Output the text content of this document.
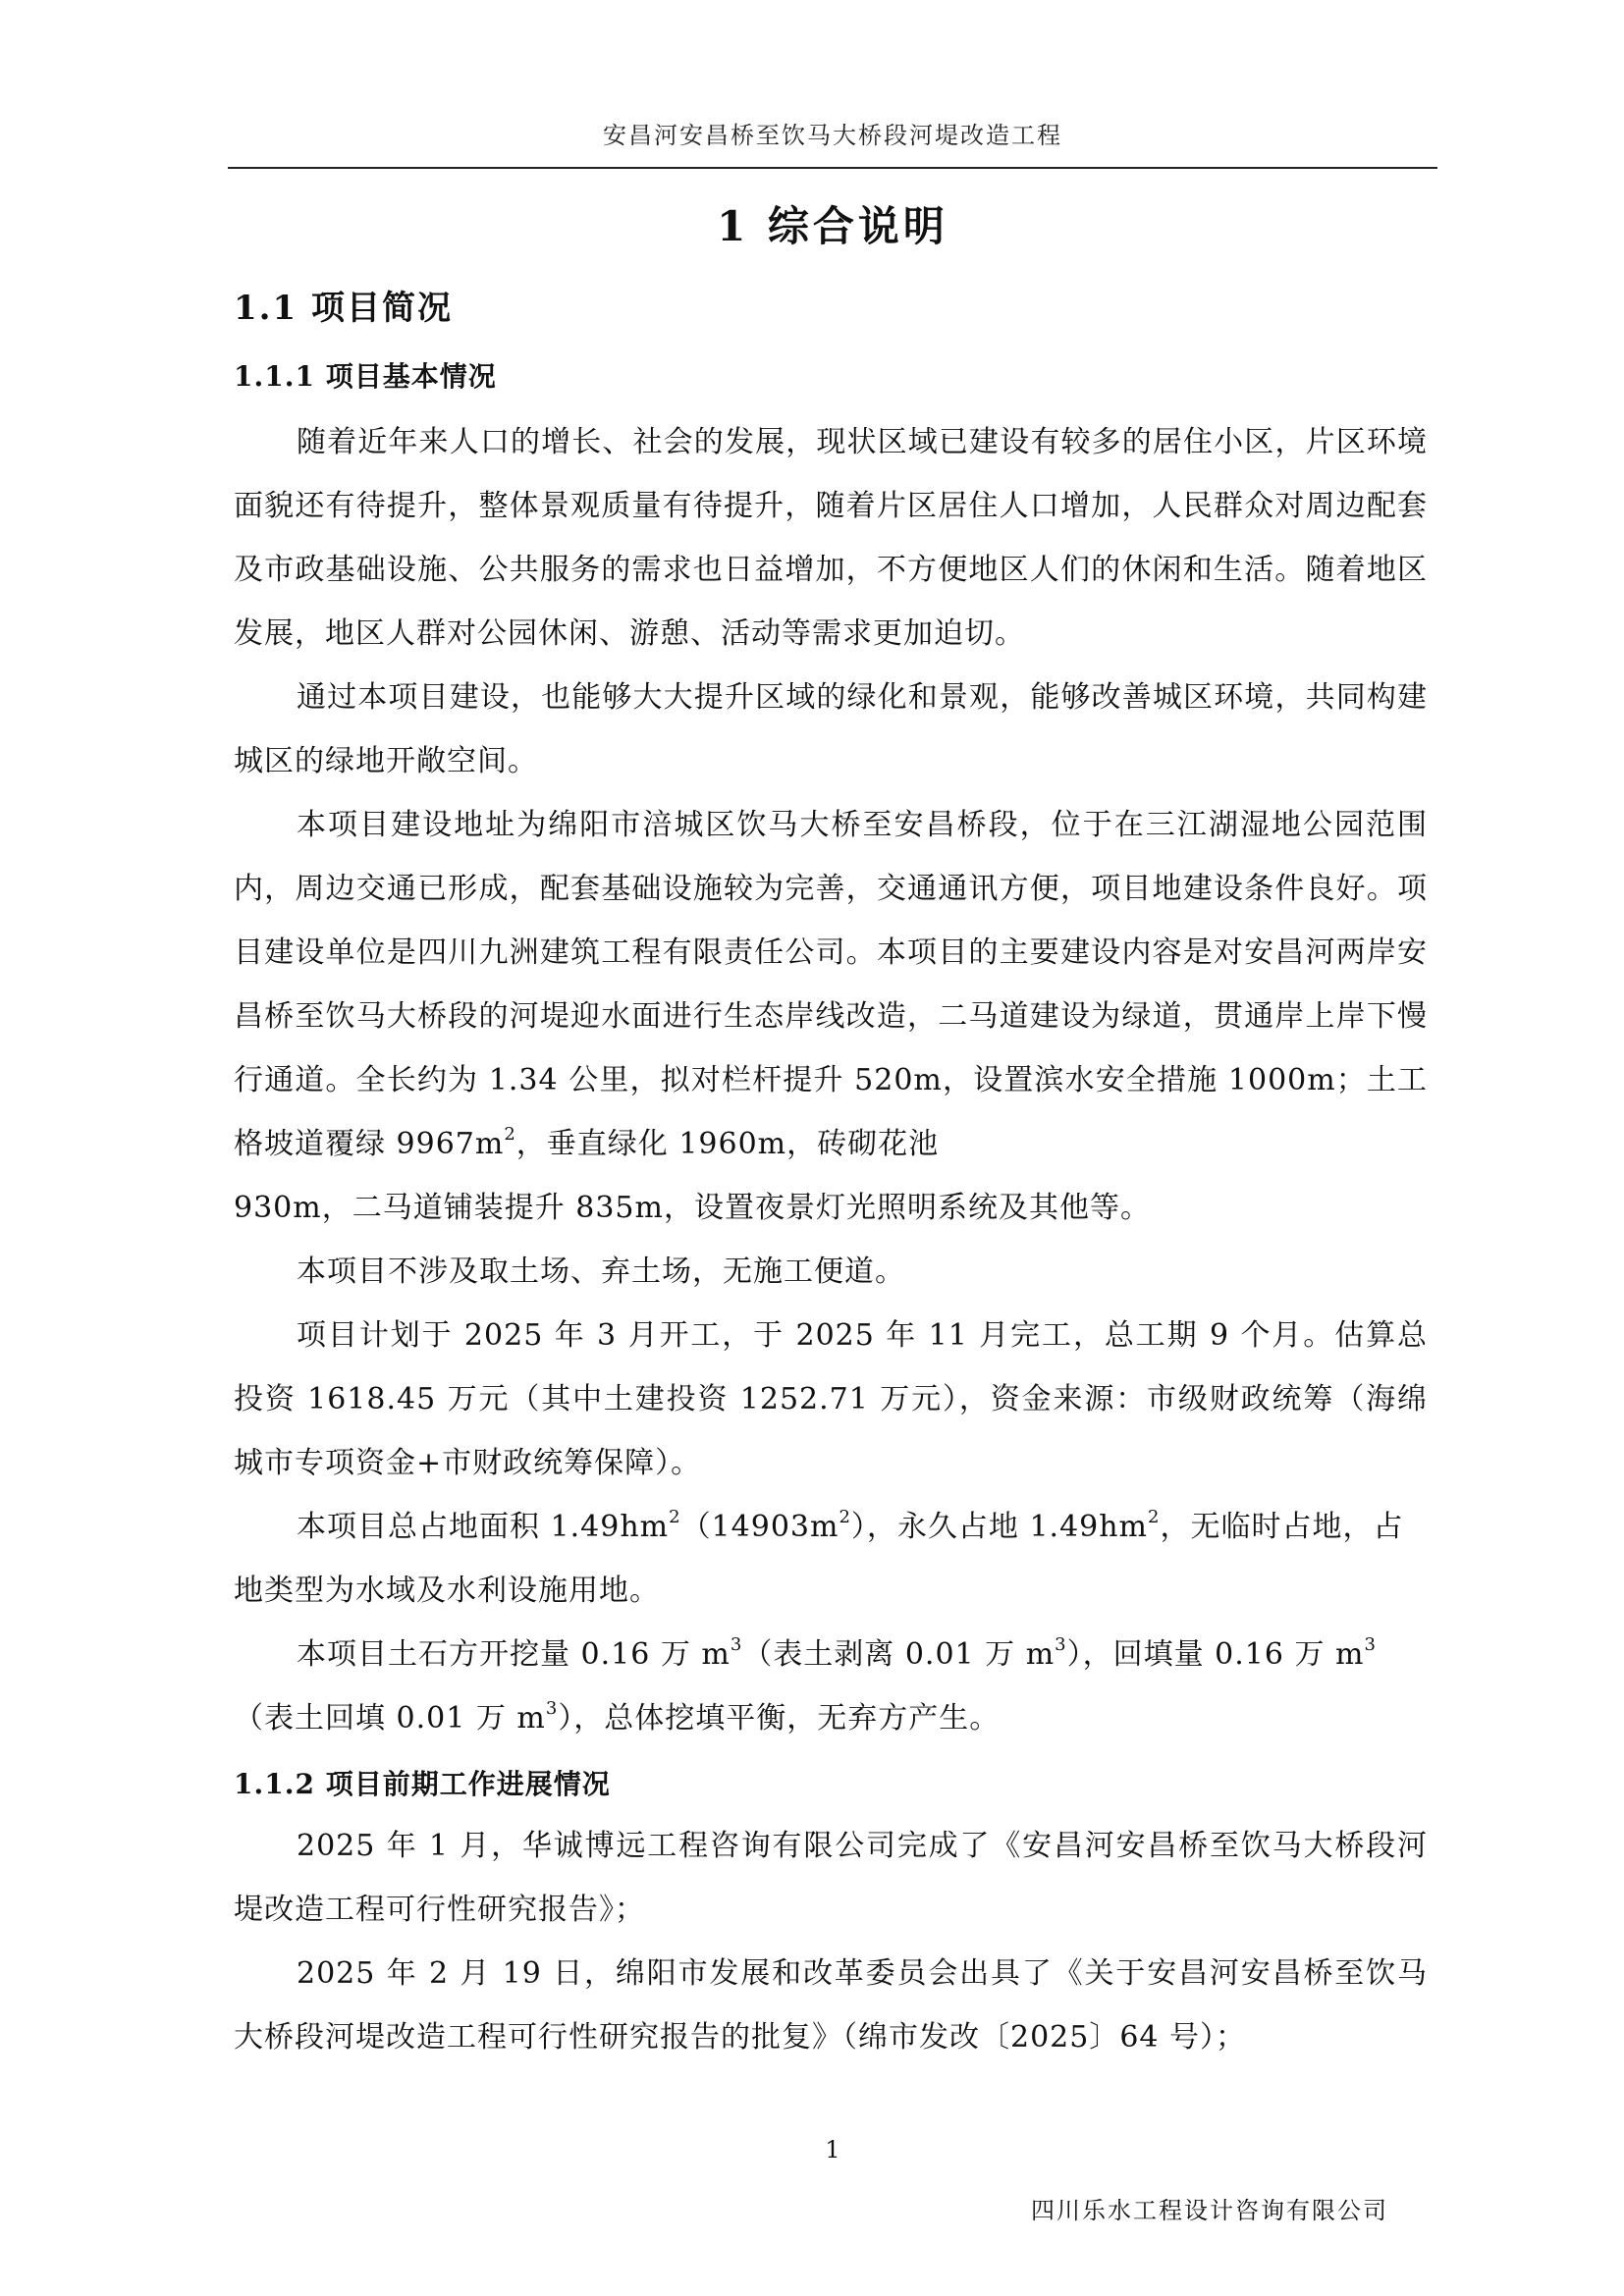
安昌河安昌桥至饮马大桥段河堤改造工程
1 综合说明
1.1 项目简况
1.1.1 项目基本情况

随着近年来人口的增长、社会的发展，现状区域已建设有较多的居住小区，片区环境面貌还有待提升，整体景观质量有待提升，随着片区居住人口增加，人民群众对周边配套及市政基础设施、公共服务的需求也日益增加，不方便地区人们的休闲和生活。随着地区发展，地区人群对公园休闲、游憩、活动等需求更加迫切。

通过本项目建设，也能够大大提升区域的绿化和景观，能够改善城区环境，共同构建城区的绿地开敞空间。

本项目建设地址为绵阳市涪城区饮马大桥至安昌桥段，位于在三江湖湿地公园范围内，周边交通已形成，配套基础设施较为完善，交通通讯方便，项目地建设条件良好。项目建设单位是四川九洲建筑工程有限责任公司。本项目的主要建设内容是对安昌河两岸安昌桥至饮马大桥段的河堤迎水面进行生态岸线改造，二马道建设为绿道，贯通岸上岸下慢行通道。全长约为 1.34 公里，拟对栏杆提升 520m，设置滨水安全措施 1000m；土工格坡道覆绿 $9967m^2$，垂直绿化 1960m，砖砌花池

930m，二马道铺装提升 835m，设置夜景灯光照明系统及其他等。

本项目不涉及取土场、弃土场，无施工便道。

项目计划于 2025 年 3 月开工，于 2025 年 11 月完工，总工期 9 个月。估算总投资 1618.45 万元（其中土建投资 1252.71 万元），资金来源：市级财政统筹（海绵城市专项资金+市财政统筹保障）。

本项目总占地面积 $1.49hm^2(14903m^2)$，永久占地 $1.49hm^2$，无临时占地，占

地类型为水域及水利设施用地。

本项目土石方开挖量 0.16 万 $m^3$（表土剥离 0.01 万 $m^3$），回填量 0.16 万 $m^3$

（表土回填 0.01 万 $m^3$），总体挖填平衡，无弃方产生。

1.1.2 项目前期工作进展情况

2025 年 1 月，华诚博远工程咨询有限公司完成了《安昌河安昌桥至饮马大桥段河堤改造工程可行性研究报告》；

2025 年 2 月 19 日，绵阳市发展和改革委员会出具了《关于安昌河安昌桥至饮马大桥段河堤改造工程可行性研究报告的批复》（绵市发改〔2025〕64 号）；

1
四川乐水工程设计咨询有限公司
